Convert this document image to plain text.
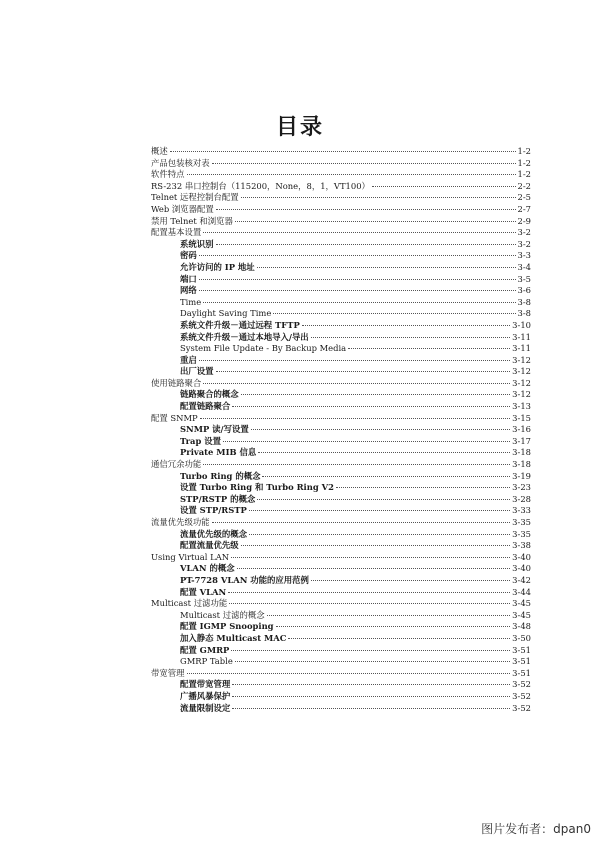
目录
概述	1-2
产品包装核对表	1-2
软件特点	1-2
RS-232 串口控制台（115200，None，8，1，VT100）	2-2
Telnet 远程控制台配置	2-5
Web 浏览器配置	2-7
禁用 Telnet 和浏览器	2-9
配置基本设置	3-2
系统识别	3-2
密码	3-3
允许访问的 IP 地址	3-4
端口	3-5
网络	3-6
Time	3-8
Daylight Saving Time	3-8
系统文件升级－通过远程 TFTP	3-10
系统文件升级－通过本地导入/导出	3-11
System File Update - By Backup Media	3-11
重启	3-12
出厂设置	3-12
使用链路聚合	3-12
链路聚合的概念	3-12
配置链路聚合	3-13
配置 SNMP	3-15
SNMP 读/写设置	3-16
Trap 设置	3-17
Private MIB 信息	3-18
通信冗余功能	3-18
Turbo Ring 的概念	3-19
设置 Turbo Ring 和 Turbo Ring V2	3-23
STP/RSTP 的概念	3-28
设置 STP/RSTP	3-33
流量优先级功能	3-35
流量优先级的概念	3-35
配置流量优先级	3-38
Using Virtual LAN	3-40
VLAN 的概念	3-40
PT-7728 VLAN 功能的应用范例	3-42
配置 VLAN	3-44
Multicast 过滤功能	3-45
Multicast 过滤的概念	3-45
配置 IGMP Snooping	3-48
加入静态 Multicast MAC	3-50
配置 GMRP	3-51
GMRP Table	3-51
带宽管理	3-51
配置带宽管理	3-52
广播风暴保护	3-52
流量限制设定	3-52
图片发布者：dpan0
